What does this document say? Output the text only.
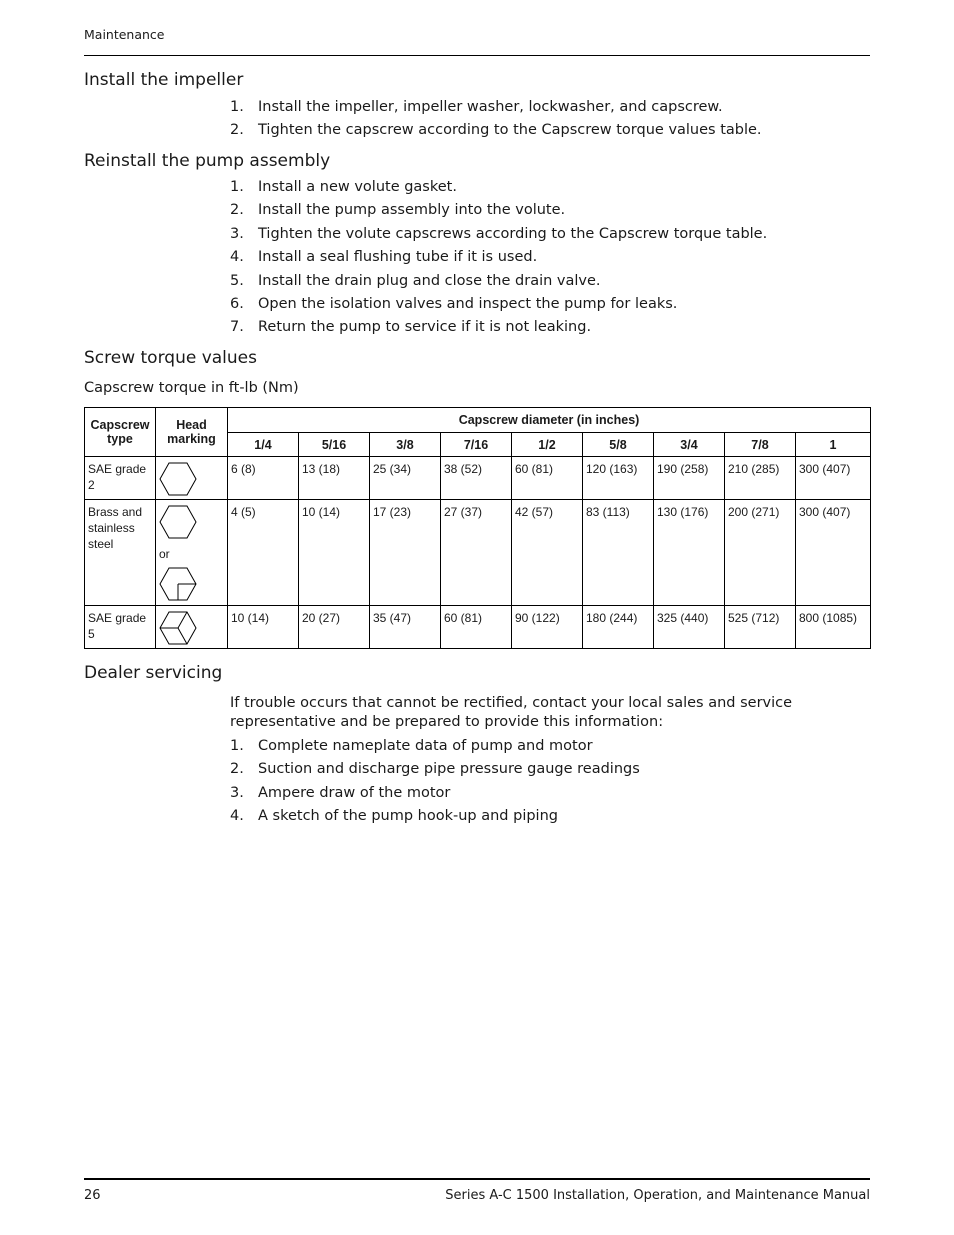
Maintenance
Install the impeller
1. Install the impeller, impeller washer, lockwasher, and capscrew.
2. Tighten the capscrew according to the Capscrew torque values table.
Reinstall the pump assembly
1. Install a new volute gasket.
2. Install the pump assembly into the volute.
3. Tighten the volute capscrews according to the Capscrew torque table.
4. Install a seal flushing tube if it is used.
5. Install the drain plug and close the drain valve.
6. Open the isolation valves and inspect the pump for leaks.
7. Return the pump to service if it is not leaking.
Screw torque values
Capscrew torque in ft-lb (Nm)
Capscrew type	Head marking	Capscrew diameter (in inches)								
		1/4	5/16	3/8	7/16	1/2	5/8	3/4	7/8	1
SAE grade 2		6 (8)	13 (18)	25 (34)	38 (52)	60 (81)	120 (163)	190 (258)	210 (285)	300 (407)
Brass and stainless steel	or	4 (5)	10 (14)	17 (23)	27 (37)	42 (57)	83 (113)	130 (176)	200 (271)	300 (407)
SAE grade 5		10 (14)	20 (27)	35 (47)	60 (81)	90 (122)	180 (244)	325 (440)	525 (712)	800 (1085)
Dealer servicing
If trouble occurs that cannot be rectified, contact your local sales and service representative and be prepared to provide this information:
1. Complete nameplate data of pump and motor
2. Suction and discharge pipe pressure gauge readings
3. Ampere draw of the motor
4. A sketch of the pump hook-up and piping
26	Series A-C 1500 Installation, Operation, and Maintenance Manual
